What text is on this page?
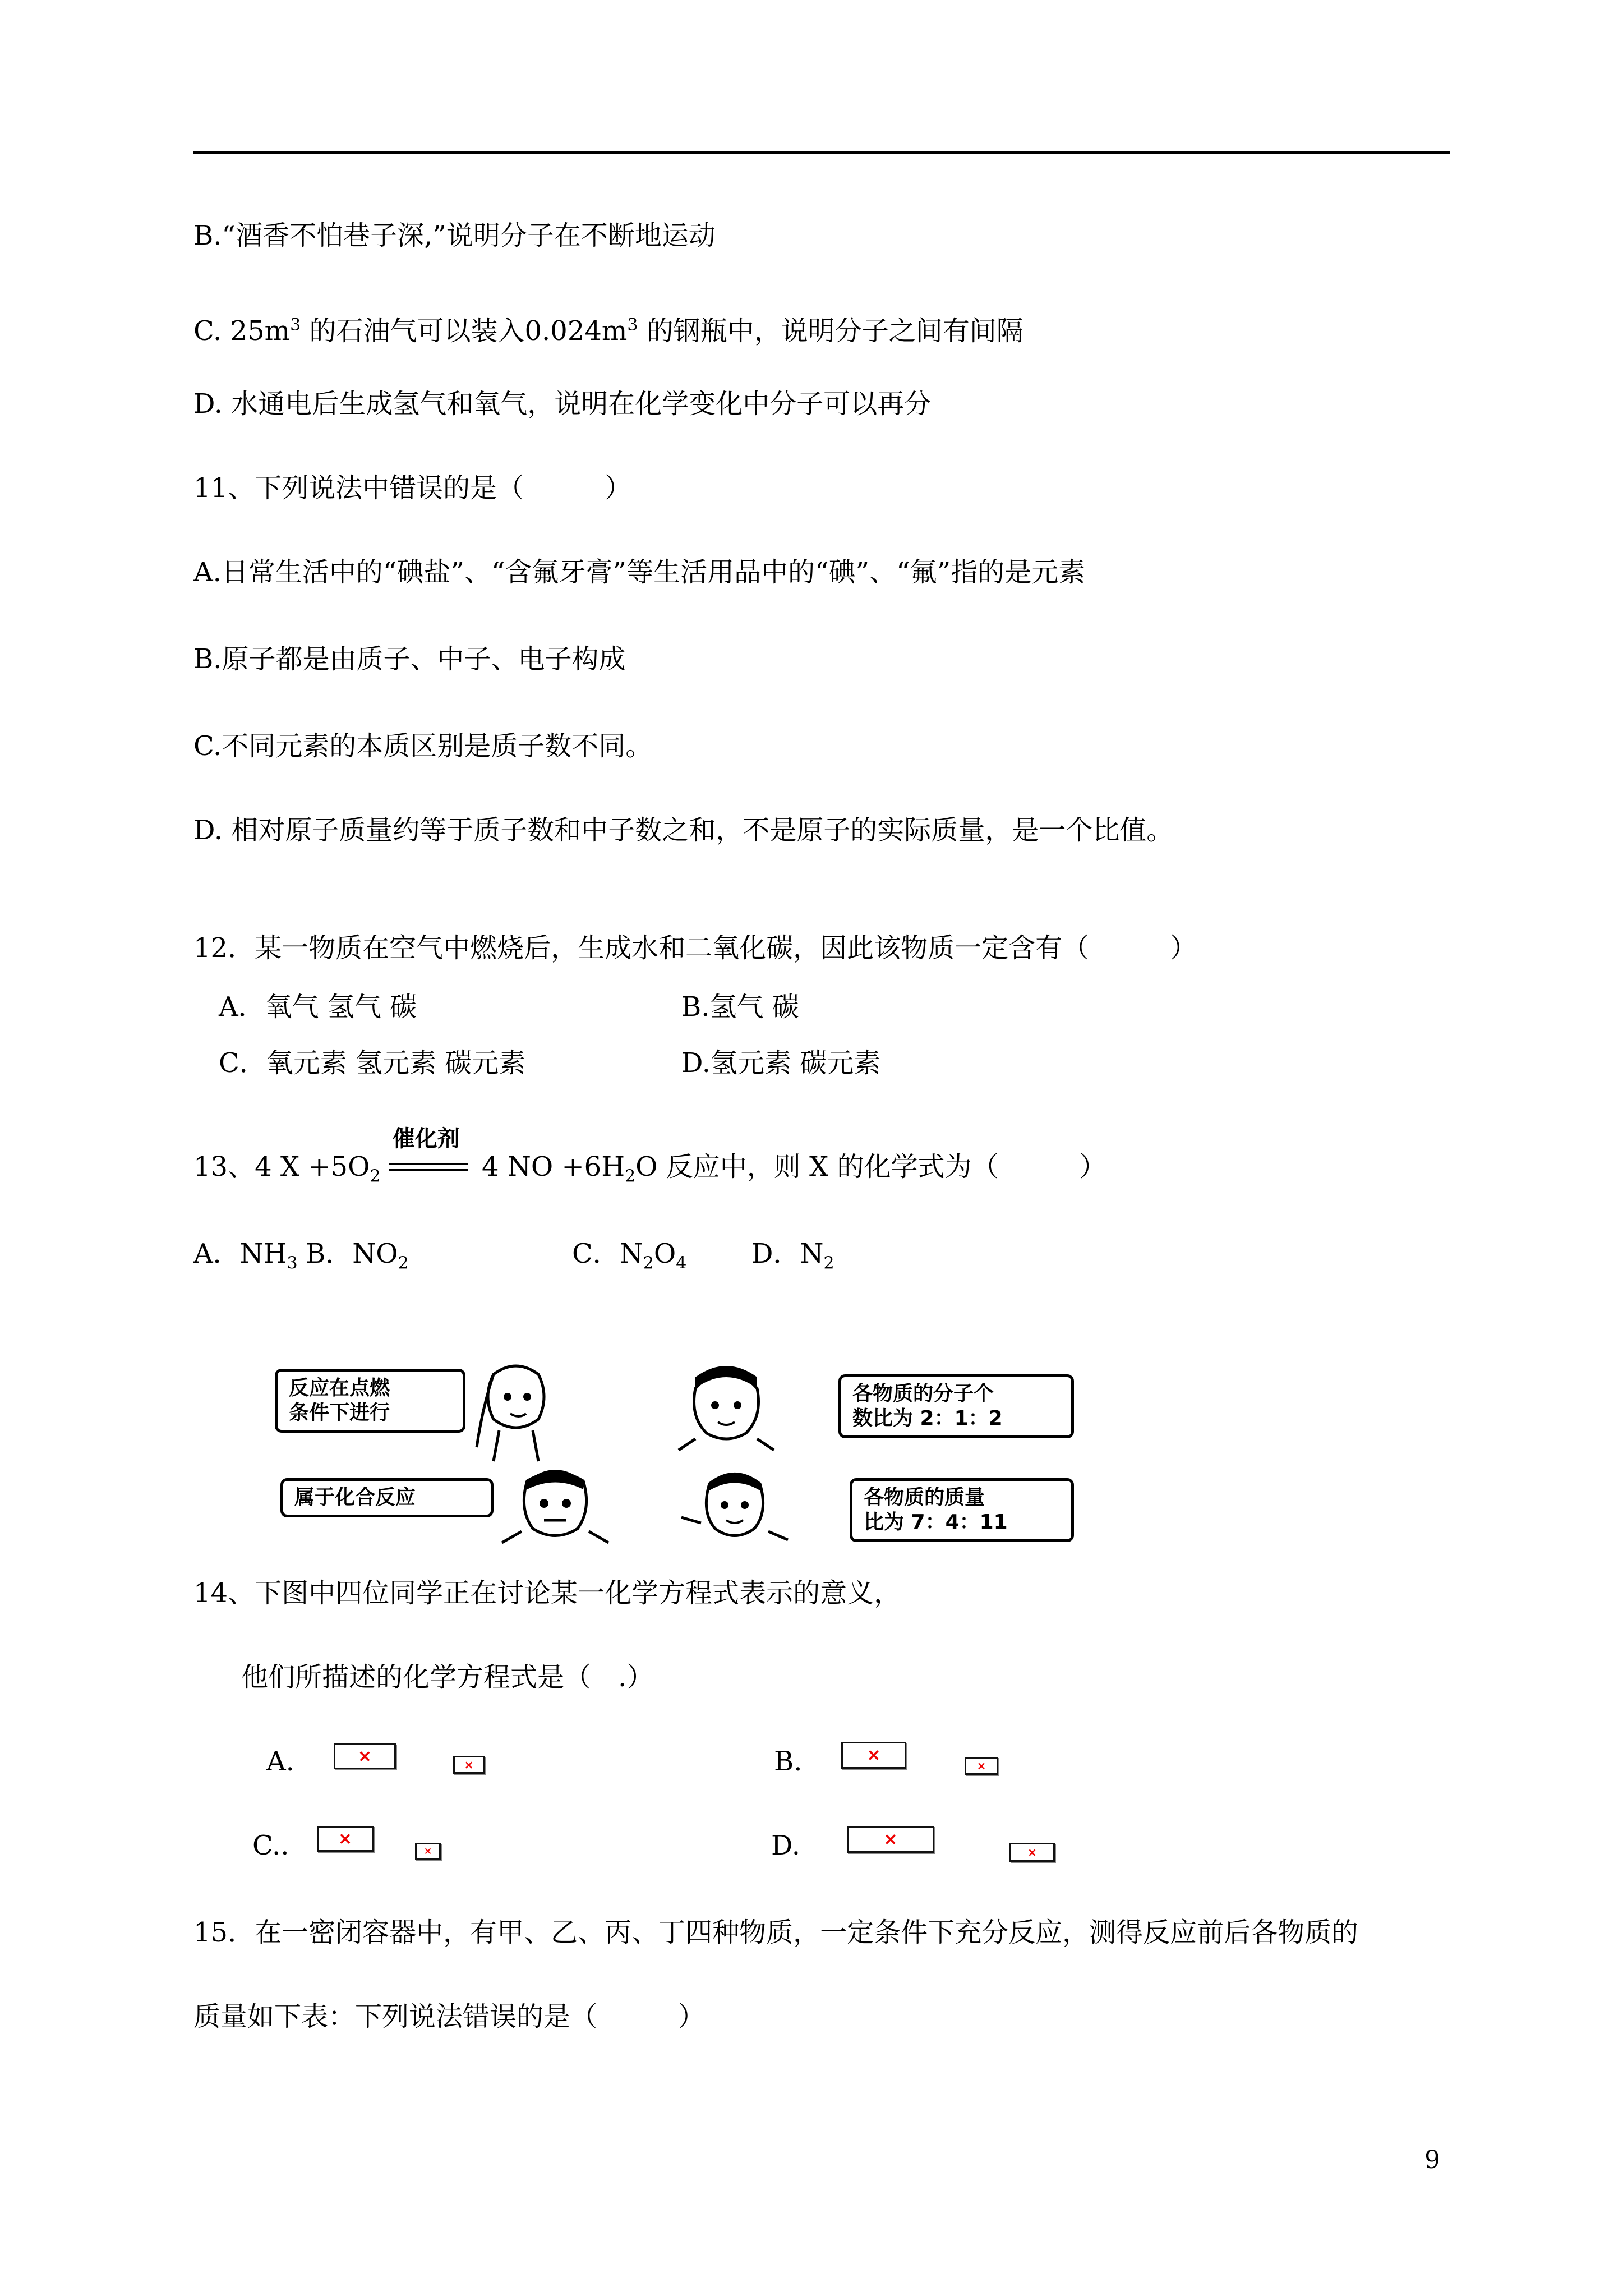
B.“酒香不怕巷子深,”说明分子在不断地运动
C. $25m^3$ 的石油气可以装入$0.024m^3$ 的钢瓶中，说明分子之间有间隔
D. 水通电后生成氢气和氧气，说明在化学变化中分子可以再分
11、下列说法中错误的是（　　　）
A.日常生活中的“碘盐”、“含氟牙膏”等生活用品中的“碘”、“氟”指的是元素
B.原子都是由质子、中子、电子构成
C.不同元素的本质区别是质子数不同。
D. 相对原子质量约等于质子数和中子数之和，不是原子的实际质量，是一个比值。
12．某一物质在空气中燃烧后，生成水和二氧化碳，因此该物质一定含有（　　　）
A．氧气 氢气 碳	B.氢气 碳
C．氧元素 氢元素 碳元素	D.氢元素 碳元素
13、4 $X +5O_2$
催化剂
4 NO $+6H_2O$ 反应中，则 X 的化学式为（　　　）
A．$NH_3$ B．$NO_2$	C．$N_2O_4$ D．$N_2$
反应在点燃
条件下进行
各物质的分子个
数比为 2：1：2
属于化合反应	各物质的质量
比为 7：4：11
14、下图中四位同学正在讨论某一化学方程式表示的意义，
他们所描述的化学方程式是（　.）
A.	×	×	B.	×
×
C..	×
×	D.	×
×
15．在一密闭容器中，有甲、乙、丙、丁四种物质，一定条件下充分反应，测得反应前后各物质的
质量如下表：下列说法错误的是（　　　）
9
